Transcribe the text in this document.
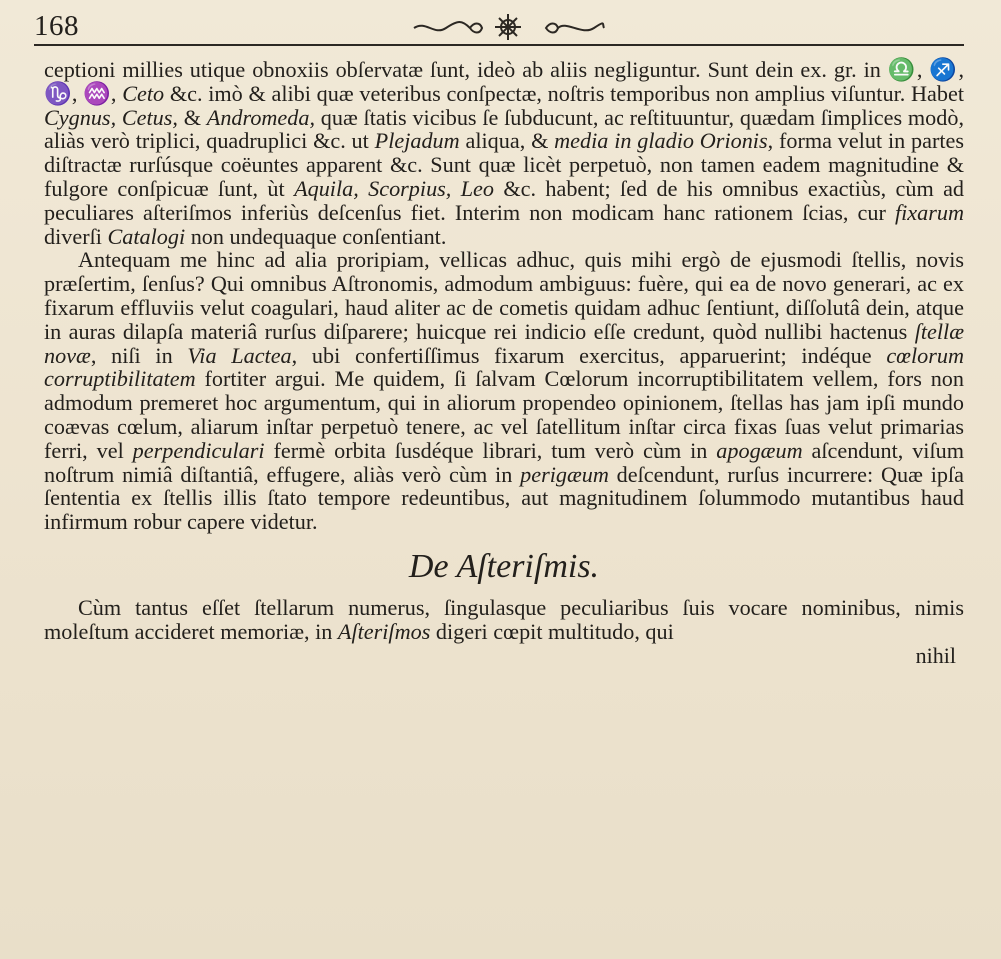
168

ceptioni millies utique obnoxiis obſervatæ ſunt, ideò ab aliis negliguntur. Sunt dein ex. gr. in ♎, ♐, ♑, ♒, Ceto &c. imò & alibi quæ veteribus conſpectæ, noſtris temporibus non amplius viſuntur. Habet Cygnus, Cetus, & Andromeda, quæ ſtatis vicibus ſe ſubducunt, ac reſtituuntur, quædam ſimplices modò, aliàs verò triplici, quadruplici &c. ut Plejadum aliqua, & media in gladio Orionis, forma velut in partes diſtractæ rurſúsque coëuntes apparent &c. Sunt quæ licèt perpetuò, non tamen eadem magnitudine & fulgore conſpicuæ ſunt, ùt Aquila, Scorpius, Leo &c. habent; ſed de his omnibus exactiùs, cùm ad peculiares aſteriſmos inferiùs deſcenſus fiet. Interim non modicam hanc rationem ſcias, cur fixarum diverſi Catalogi non undequaque conſentiant.

Antequam me hinc ad alia proripiam, vellicas adhuc, quis mihi ergò de ejusmodi ſtellis, novis præſertim, ſenſus? Qui omnibus Aſtronomis, admodum ambiguus: fuère, qui ea de novo generari, ac ex fixarum effluviis velut coagulari, haud aliter ac de cometis quidam adhuc ſentiunt, diſſolutâ dein, atque in auras dilapſa materiâ rurſus diſparere; huicque rei indicio eſſe credunt, quòd nullibi hactenus ſtellæ novæ, niſi in Via Lactea, ubi confertiſſimus fixarum exercitus, apparuerint; indéque cœlorum corruptibilitatem fortiter argui. Me quidem, ſi ſalvam Cœlorum incorruptibilitatem vellem, fors non admodum premeret hoc argumentum, qui in aliorum propendeo opinionem, ſtellas has jam ipſi mundo coævas cœlum, aliarum inſtar perpetuò tenere, ac vel ſatellitum inſtar circa fixas ſuas velut primarias ferri, vel perpendiculari fermè orbita ſusdéque librari, tum verò cùm in apogæum aſcendunt, viſum noſtrum nimiâ diſtantiâ, effugere, aliàs verò cùm in perigæum deſcendunt, rurſus incurrere: Quæ ipſa ſententia ex ſtellis illis ſtato tempore redeuntibus, aut magnitudinem ſolummodo mutantibus haud infirmum robur capere videtur.

De Aſteriſmis.

Cùm tantus eſſet ſtellarum numerus, ſingulasque peculiaribus ſuis vocare nominibus, nimis moleſtum accideret memoriæ, in Aſteriſmos digeri cœpit multitudo, qui

nihil
